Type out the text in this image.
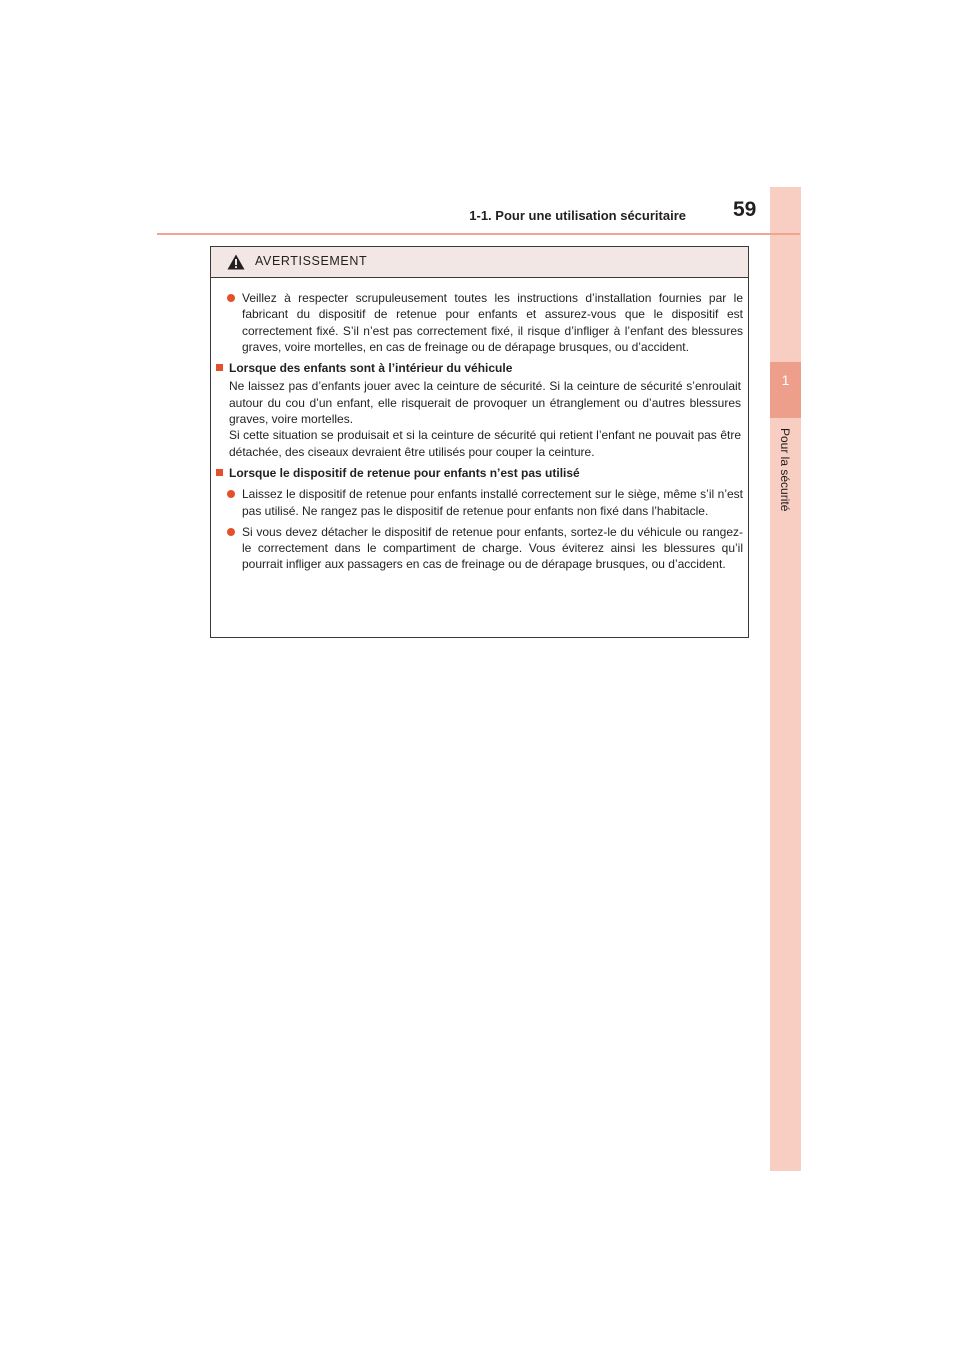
1
Pour la sécurité
1-1. Pour une utilisation sécuritaire 59
AVERTISSEMENT

Veillez à respecter scrupuleusement toutes les instructions d’installation fournies par le fabricant du dispositif de retenue pour enfants et assurez-vous que le dispositif est correctement fixé. S’il n’est pas correctement fixé, il risque d’infliger à l’enfant des blessures graves, voire mortelles, en cas de freinage ou de dérapage brusques, ou d’accident.

Lorsque des enfants sont à l’intérieur du véhicule

Ne laissez pas d’enfants jouer avec la ceinture de sécurité. Si la ceinture de sécurité s’enroulait autour du cou d’un enfant, elle risquerait de provoquer un étranglement ou d’autres blessures graves, voire mortelles.

Si cette situation se produisait et si la ceinture de sécurité qui retient l’enfant ne pouvait pas être détachée, des ciseaux devraient être utilisés pour couper la ceinture.

Lorsque le dispositif de retenue pour enfants n’est pas utilisé

Laissez le dispositif de retenue pour enfants installé correctement sur le siège, même s’il n’est pas utilisé. Ne rangez pas le dispositif de retenue pour enfants non fixé dans l’habitacle.

Si vous devez détacher le dispositif de retenue pour enfants, sortez-le du véhicule ou rangez-le correctement dans le compartiment de charge. Vous éviterez ainsi les blessures qu’il pourrait infliger aux passagers en cas de freinage ou de dérapage brusques, ou d’accident.
